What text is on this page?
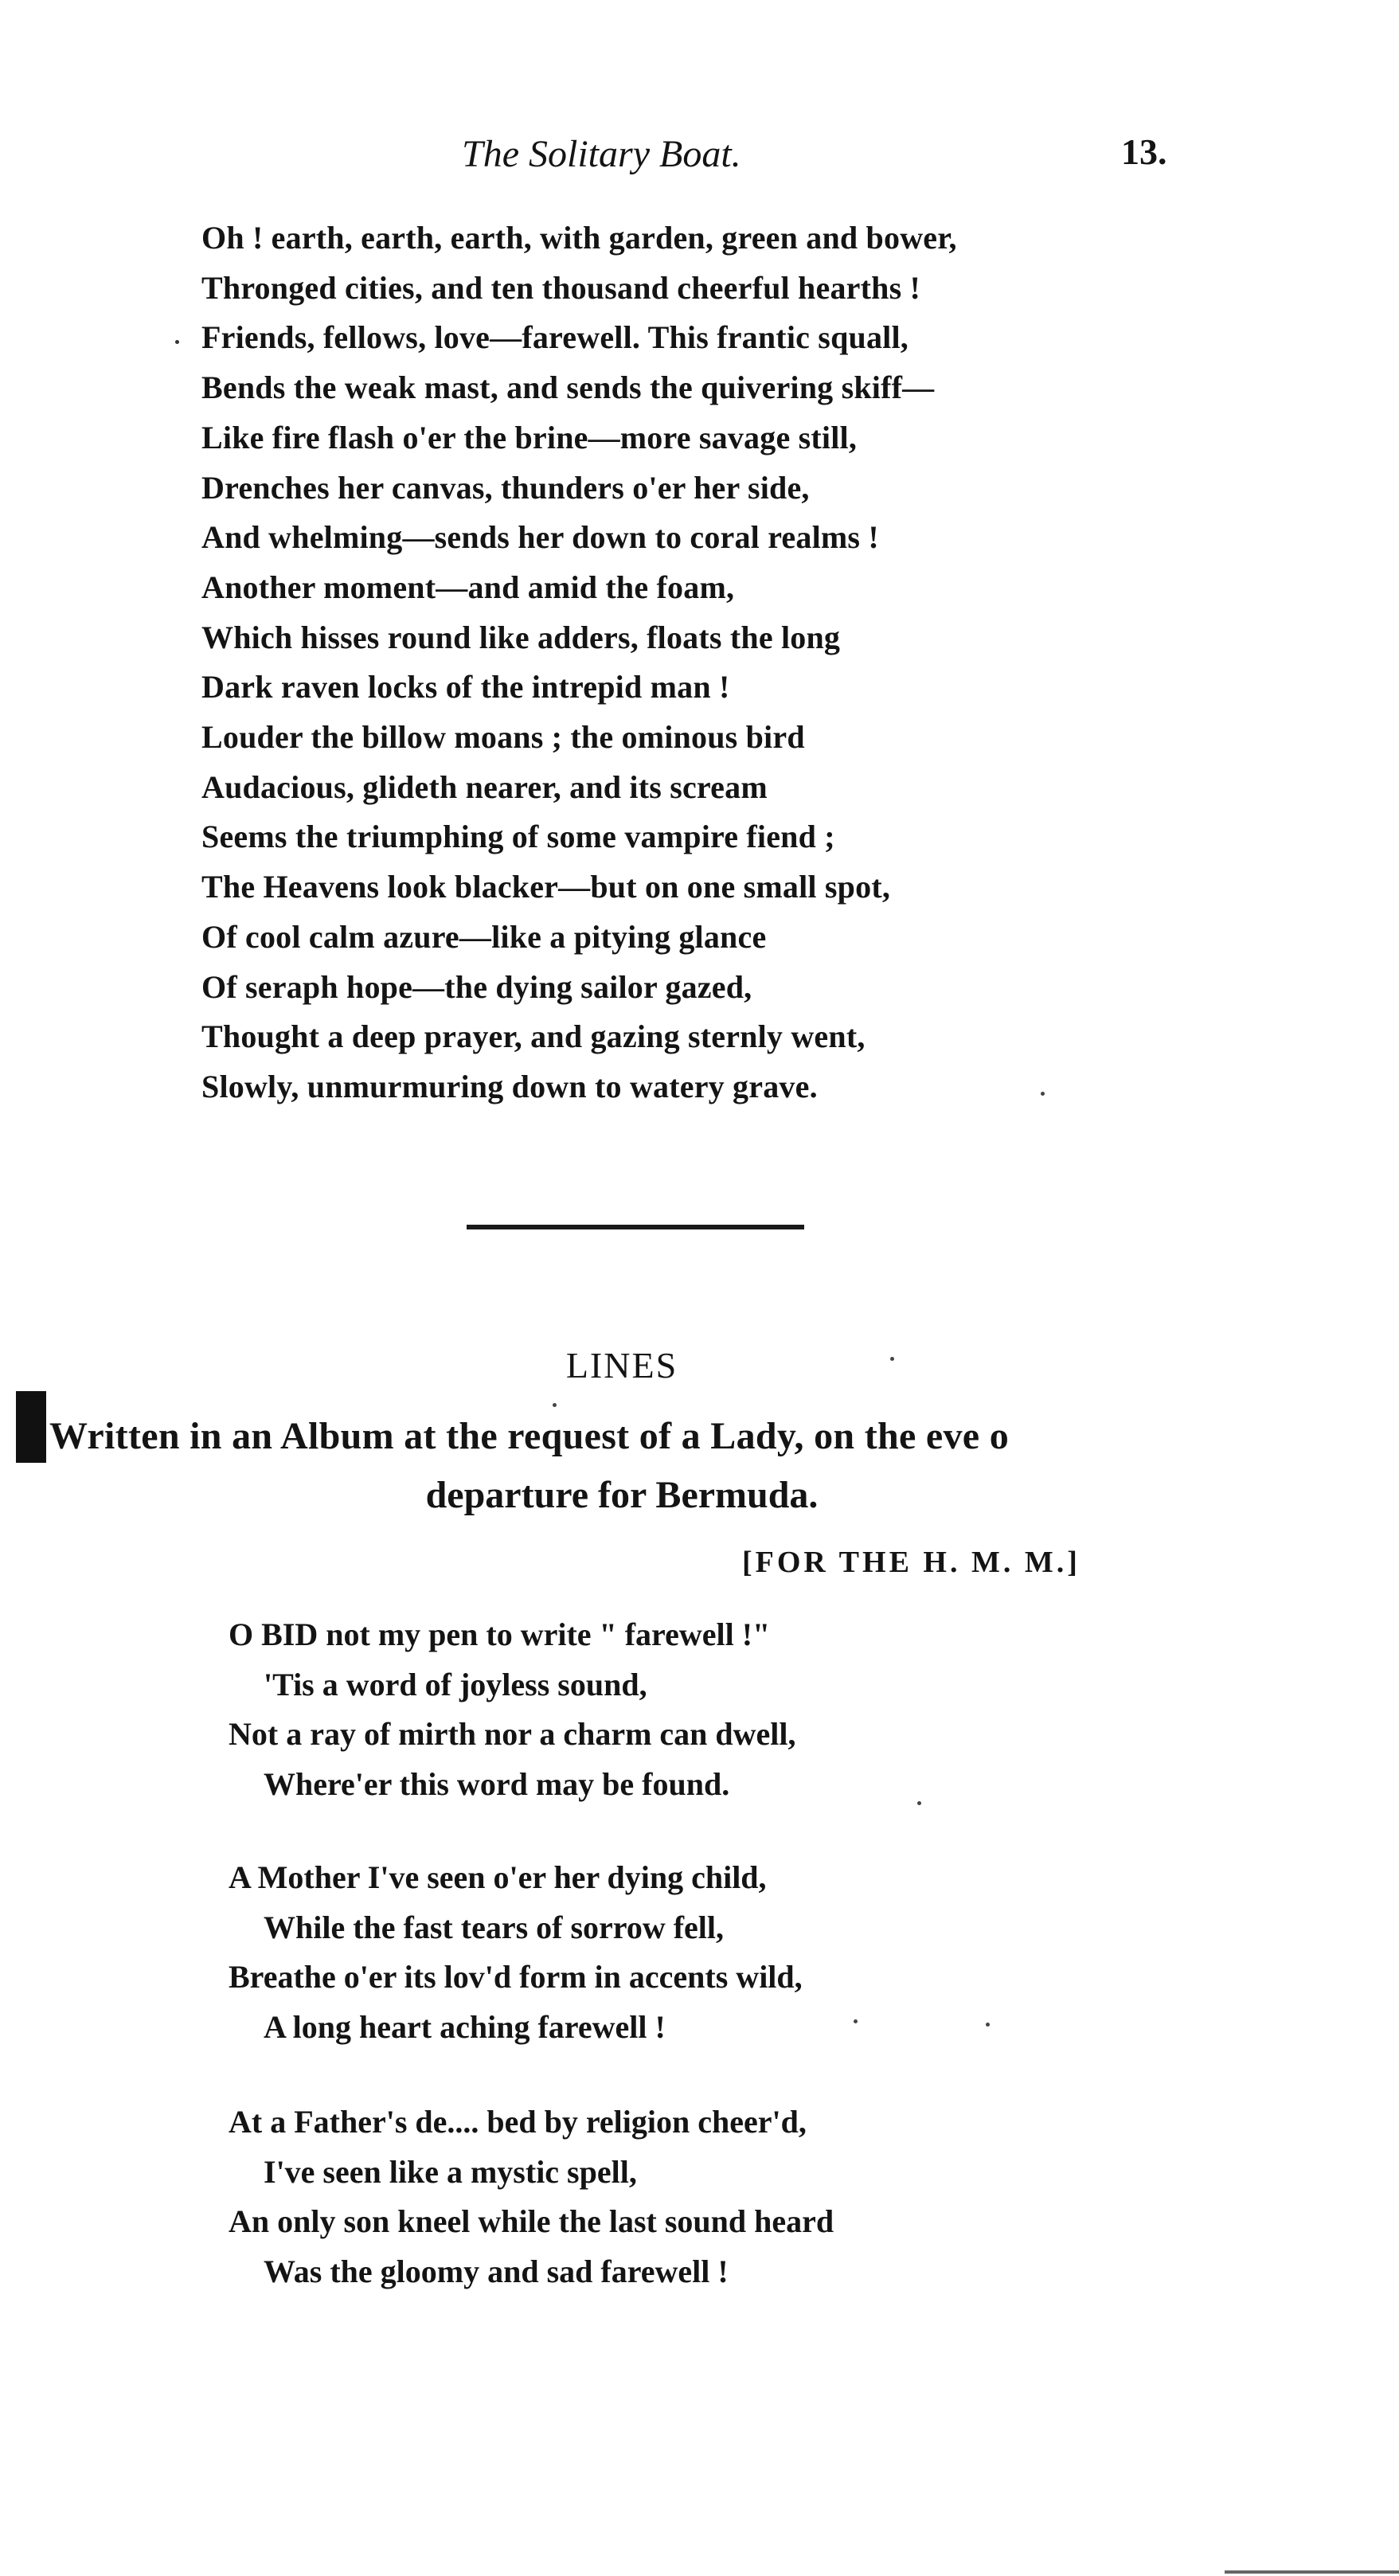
The Solitary Boat.	13.
Oh ! earth, earth, earth, with garden, green and bower,
Thronged cities, and ten thousand cheerful hearths !
Friends, fellows, love—farewell. This frantic squall,
Bends the weak mast, and sends the quivering skiff—
Like fire flash o'er the brine—more savage still,
Drenches her canvas, thunders o'er her side,
And whelming—sends her down to coral realms !
Another moment—and amid the foam,
Which hisses round like adders, floats the long
Dark raven locks of the intrepid man !
Louder the billow moans ; the ominous bird
Audacious, glideth nearer, and its scream
Seems the triumphing of some vampire fiend ;
The Heavens look blacker—but on one small spot,
Of cool calm azure—like a pitying glance
Of seraph hope—the dying sailor gazed,
Thought a deep prayer, and gazing sternly went,
Slowly, unmurmuring down to watery grave.
LINES
Written in an Album at the request of a Lady, on the eve o
departure for Bermuda.
[FOR THE H. M. M.]
O BID not my pen to write " farewell !"
'Tis a word of joyless sound,
Not a ray of mirth nor a charm can dwell,
Where'er this word may be found.
A Mother I've seen o'er her dying child,
While the fast tears of sorrow fell,
Breathe o'er its lov'd form in accents wild,
A long heart aching farewell !
At a Father's de.... bed by religion cheer'd,
I've seen like a mystic spell,
An only son kneel while the last sound heard
Was the gloomy and sad farewell !
